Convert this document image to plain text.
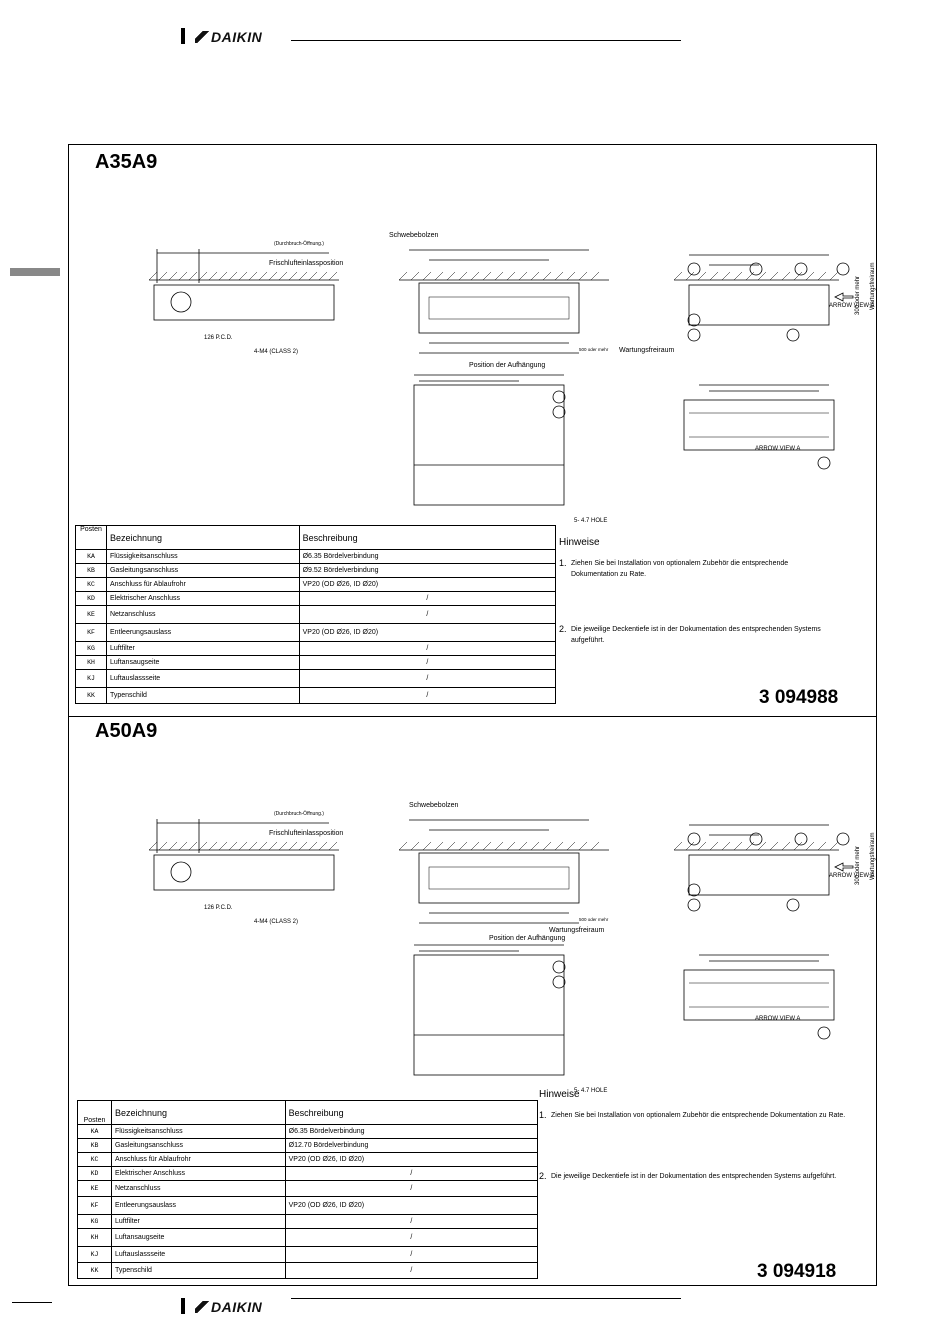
DAIKIN
A35A9
Schwebebolzen
Frischlufteinlassposition
(Durchbruch-Öffnung.)
126 P.C.D.
4-M4 (CLASS 2)	500 oder mehr Wartungsfreiraum
Position der Aufhängung
ARROW VIEW A
ARROW VIEW A
300 oder mehr Wartungsfreiraum
5- 4.7 HOLE
Posten	Bezeichnung	Beschreibung
KA	Flüssigkeitsanschluss	Ø6.35 Bördelverbindung
KB	Gasleitungsanschluss	Ø9.52 Bördelverbindung
KC	Anschluss für Ablaufrohr	VP20 (OD Ø26, ID Ø20)
KD	Elektrischer Anschluss	/
KE	Netzanschluss	/
KF	Entleerungsauslass	VP20 (OD Ø26, ID Ø20)
KG	Luftfilter	/
KH	Luftansaugseite	/
KJ	Luftauslassseite	/
KK	Typenschild	/
Hinweise
1. Ziehen Sie bei Installation von optionalem Zubehör die entsprechende Dokumentation zu Rate.
2. Die jeweilige Deckentiefe ist in der Dokumentation des entsprechenden Systems aufgeführt.
3 094988
A50A9
Schwebebolzen
Frischlufteinlassposition
(Durchbruch-Öffnung.)
126 P.C.D.
4-M4 (CLASS 2)	500 oder mehr
Wartungsfreiraum
Position der Aufhängung
ARROW VIEW A
ARROW VIEW A
300 oder mehr Wartungsfreiraum
5- 4.7 HOLE
Posten	Bezeichnung	Beschreibung
KA	Flüssigkeitsanschluss	Ø6.35 Bördelverbindung
KB	Gasleitungsanschluss	Ø12.70 Bördelverbindung
KC	Anschluss für Ablaufrohr	VP20 (OD Ø26, ID Ø20)
KD	Elektrischer Anschluss	/
KE	Netzanschluss	/
KF	Entleerungsauslass	VP20 (OD Ø26, ID Ø20)
KG	Luftfilter	/
KH	Luftansaugseite	/
KJ	Luftauslassseite	/
KK	Typenschild	/
Hinweise
1. Ziehen Sie bei Installation von optionalem Zubehör die entsprechende Dokumentation zu Rate.
2. Die jeweilige Deckentiefe ist in der Dokumentation des entsprechenden Systems aufgeführt.
3 094918
DAIKIN
